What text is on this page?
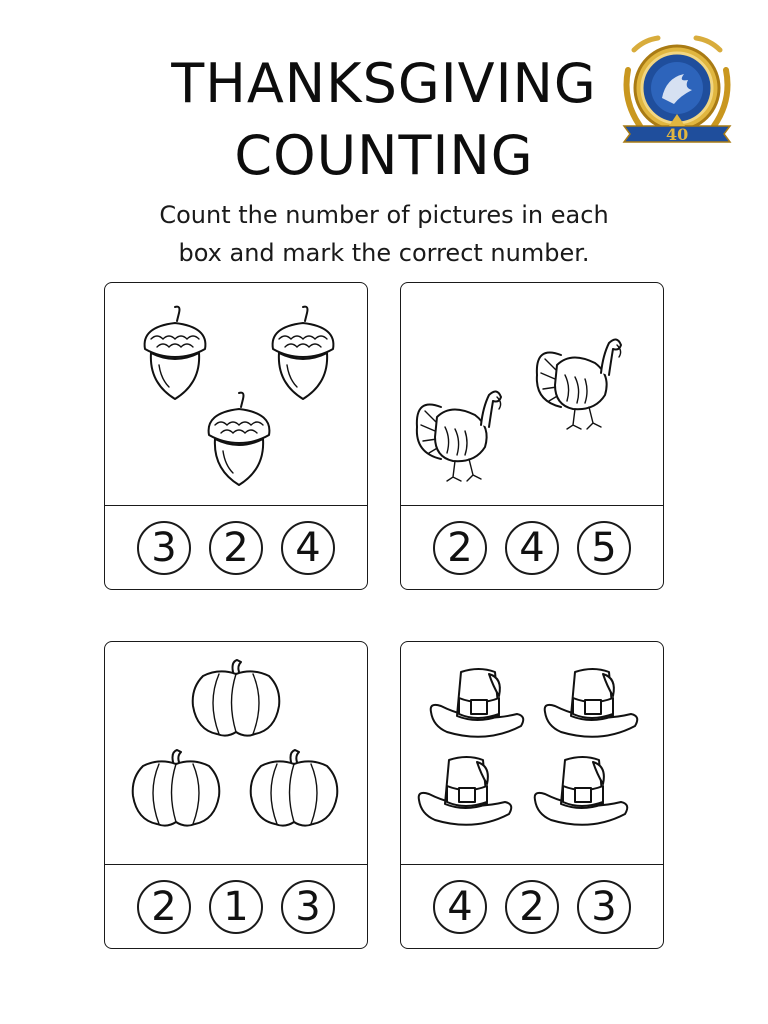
THANKSGIVING
COUNTING
Count the number of pictures in each
box and mark the correct number.
40
3	2	4	2	4	5
2	1	3	4	2	3
